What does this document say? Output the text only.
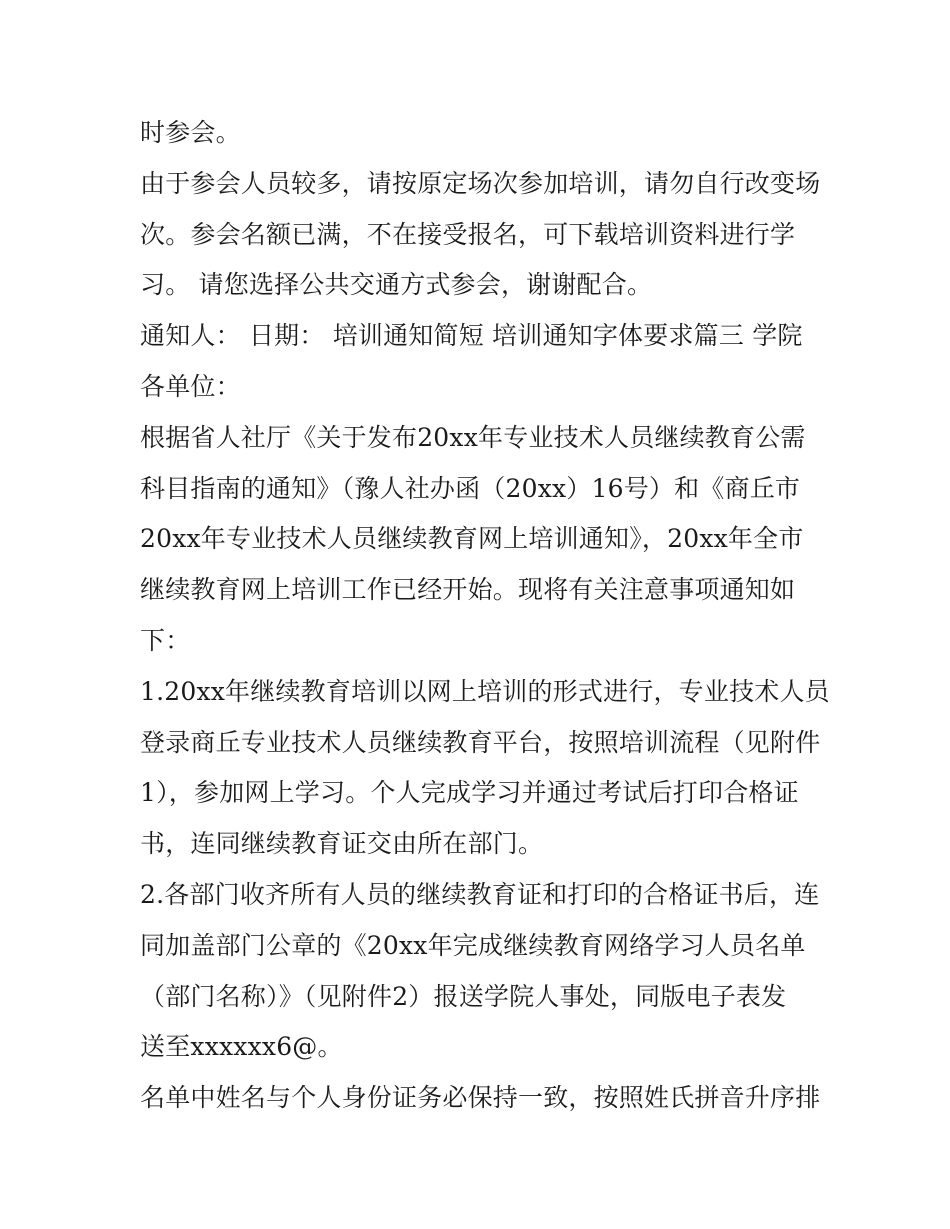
时参会。
由于参会人员较多，请按原定场次参加培训，请勿自行改变场
次。参会名额已满，不在接受报名，可下载培训资料进行学
习。 请您选择公共交通方式参会，谢谢配合。
通知人： 日期： 培训通知简短 培训通知字体要求篇三 学院
各单位：
根据省人社厅《关于发布20xx年专业技术人员继续教育公需
科目指南的通知》（豫人社办函（20xx）16号）和《商丘市
20xx年专业技术人员继续教育网上培训通知》，20xx年全市
继续教育网上培训工作已经开始。现将有关注意事项通知如
下：
1.20xx年继续教育培训以网上培训的形式进行，专业技术人员
登录商丘专业技术人员继续教育平台，按照培训流程（见附件
1），参加网上学习。个人完成学习并通过考试后打印合格证
书，连同继续教育证交由所在部门。
2.各部门收齐所有人员的继续教育证和打印的合格证书后，连
同加盖部门公章的《20xx年完成继续教育网络学习人员名单
（部门名称）》（见附件2）报送学院人事处，同版电子表发
送至xxxxxx6@。
名单中姓名与个人身份证务必保持一致，按照姓氏拼音升序排
